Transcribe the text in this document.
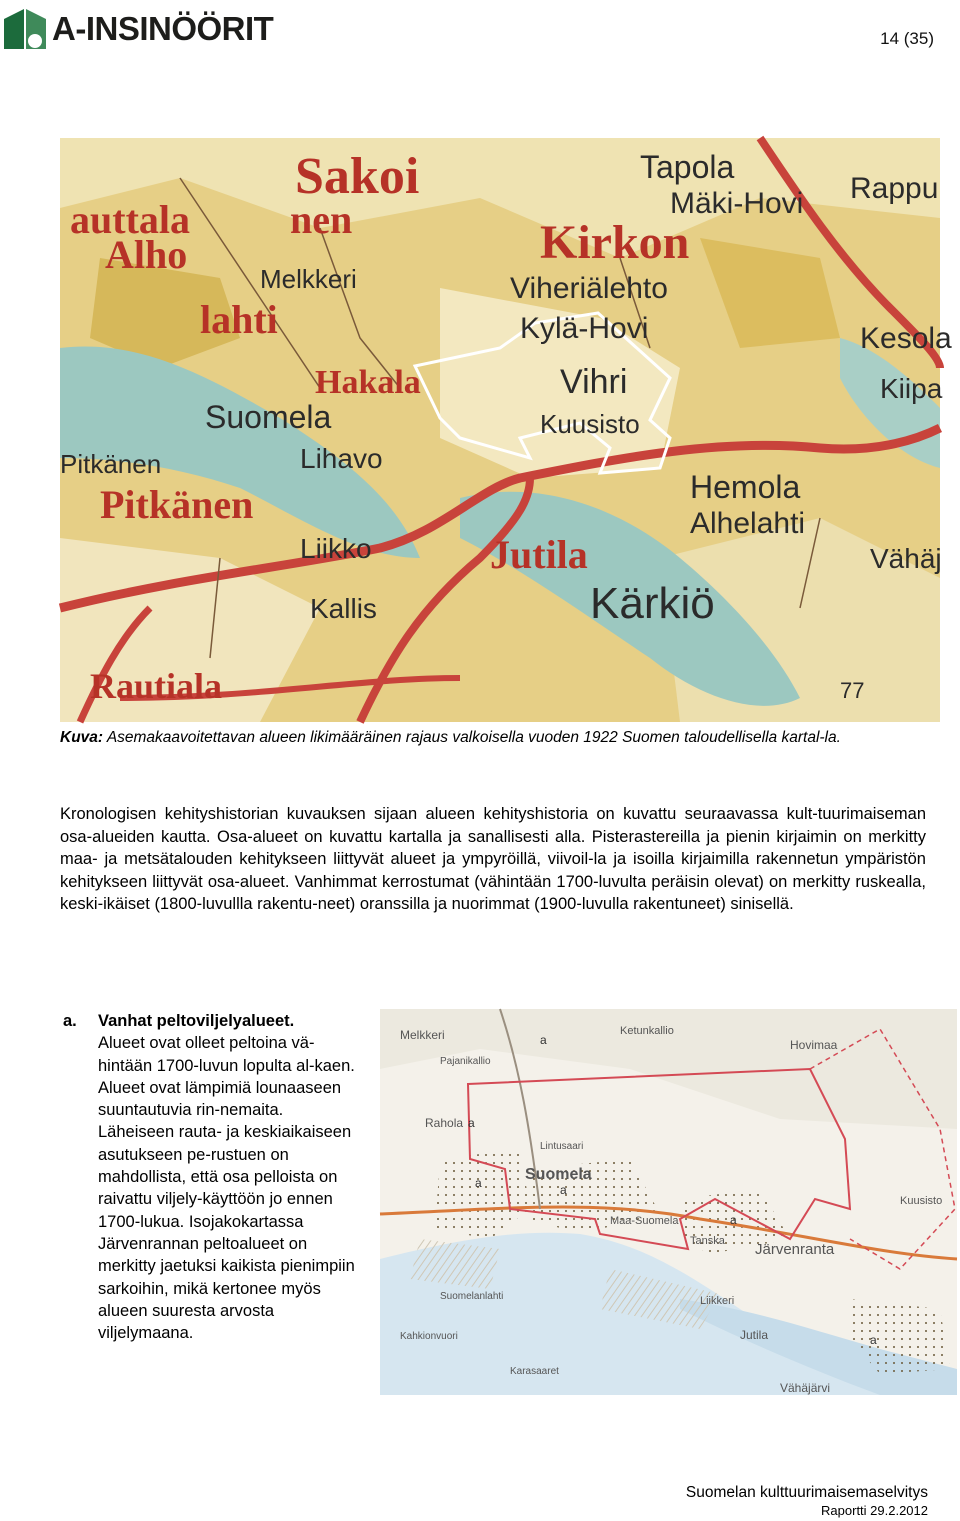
A-INSINÖÖRIT	14 (35)
Sakoi
auttala	nen	Kirkon
Alho
lahti
Hakala
Pitkänen
Jutila
Rautiala
Tapola
Mäki-Hovi Rappu
Melkkeri	Viheriälehto
Kylä-Hovi	Kesola
Vihri	Kiipa
Suomela	Kuusisto
Pitkänen	Lihavo
Hemola
Alhelahti
Liikko
Kärkiö
Vähäj
Kallis
77
Kuva: Asemakaavoitettavan alueen likimääräinen rajaus valkoisella vuoden 1922 Suomen taloudellisella kartal-la.
Kronologisen kehityshistorian kuvauksen sijaan alueen kehityshistoria on kuvattu seuraavassa kult-tuurimaiseman osa-alueiden kautta. Osa-alueet on kuvattu kartalla ja sanallisesti alla. Pisterastereilla ja pienin kirjaimin on merkitty maa- ja metsätalouden kehitykseen liittyvät alueet ja ympyröillä, viivoil-la ja isoilla kirjaimilla rakennetun ympäristön kehitykseen liittyvät osa-alueet. Vanhimmat kerrostumat (vähintään 1700-luvulta peräisin olevat) on merkitty ruskealla, keski-ikäiset (1800-luvullla rakentu-neet) oranssilla ja nuorimmat (1900-luvulla rakentuneet) sinisellä.
a. Vanhat peltoviljelyalueet.
Alueet ovat olleet peltoina vä-hintään 1700-luvun lopulta al-kaen. Alueet ovat lämpimiä lounaaseen suuntautuvia rin-nemaita. Läheiseen rauta- ja keskiaikaiseen asutukseen pe-rustuen on mahdollista, että osa pelloista on raivattu viljely-käyttöön jo ennen 1700-lukua. Isojakokartassa Järvenrannan peltoalueet on merkitty jaetuksi kaikista pienimpiin sarkoihin, mikä kertonee myös alueen suuresta arvosta viljelymaana.
Melkkeri	Ketunkallio
Hovimaa
Pajanikallio
Rahola
Lintusaari
Suomela
Kuusisto
Maa-Suomela
Tanska Järvenranta
Suomelanlahti	Liikkeri
Jutila
Kahkionvuori
Karasaaret
Vähäjärvi
a
a
a	a
a
a
Suomelan kulttuurimaisemaselvitys
Raportti 29.2.2012
